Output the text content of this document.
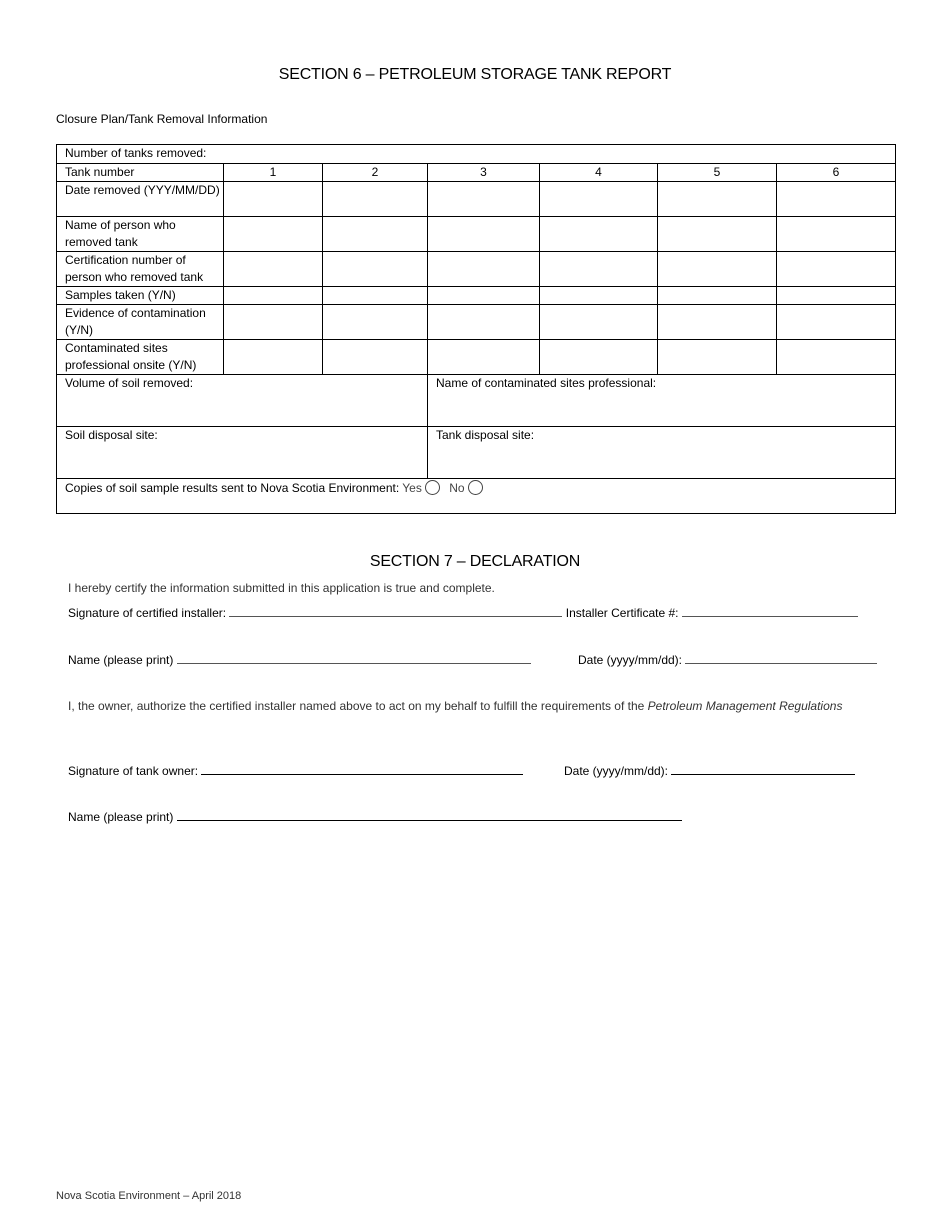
SECTION 6 – PETROLEUM STORAGE TANK REPORT
Closure Plan/Tank Removal Information
Number of tanks removed:						
Tank number	1	2	3	4	5	6
Date removed (YYY/MM/DD)						
Name of person who removed tank						
Certification number of person who removed tank						
Samples taken (Y/N)						
Evidence of contamination (Y/N)						
Contaminated sites professional onsite (Y/N)						
Volume of soil removed:			Name of contaminated sites professional:			
Soil disposal site:			Tank disposal site:			
Copies of soil sample results sent to Nova Scotia Environment: Yes No						
SECTION 7 – DECLARATION
I hereby certify the information submitted in this application is true and complete.
Signature of certified installer:	Installer Certificate #:
Name (please print)	Date (yyyy/mm/dd):
I, the owner, authorize the certified installer named above to act on my behalf to fulfill the requirements of the Petroleum Management Regulations
Signature of tank owner:	Date (yyyy/mm/dd):
Name (please print)
Nova Scotia Environment – April 2018
